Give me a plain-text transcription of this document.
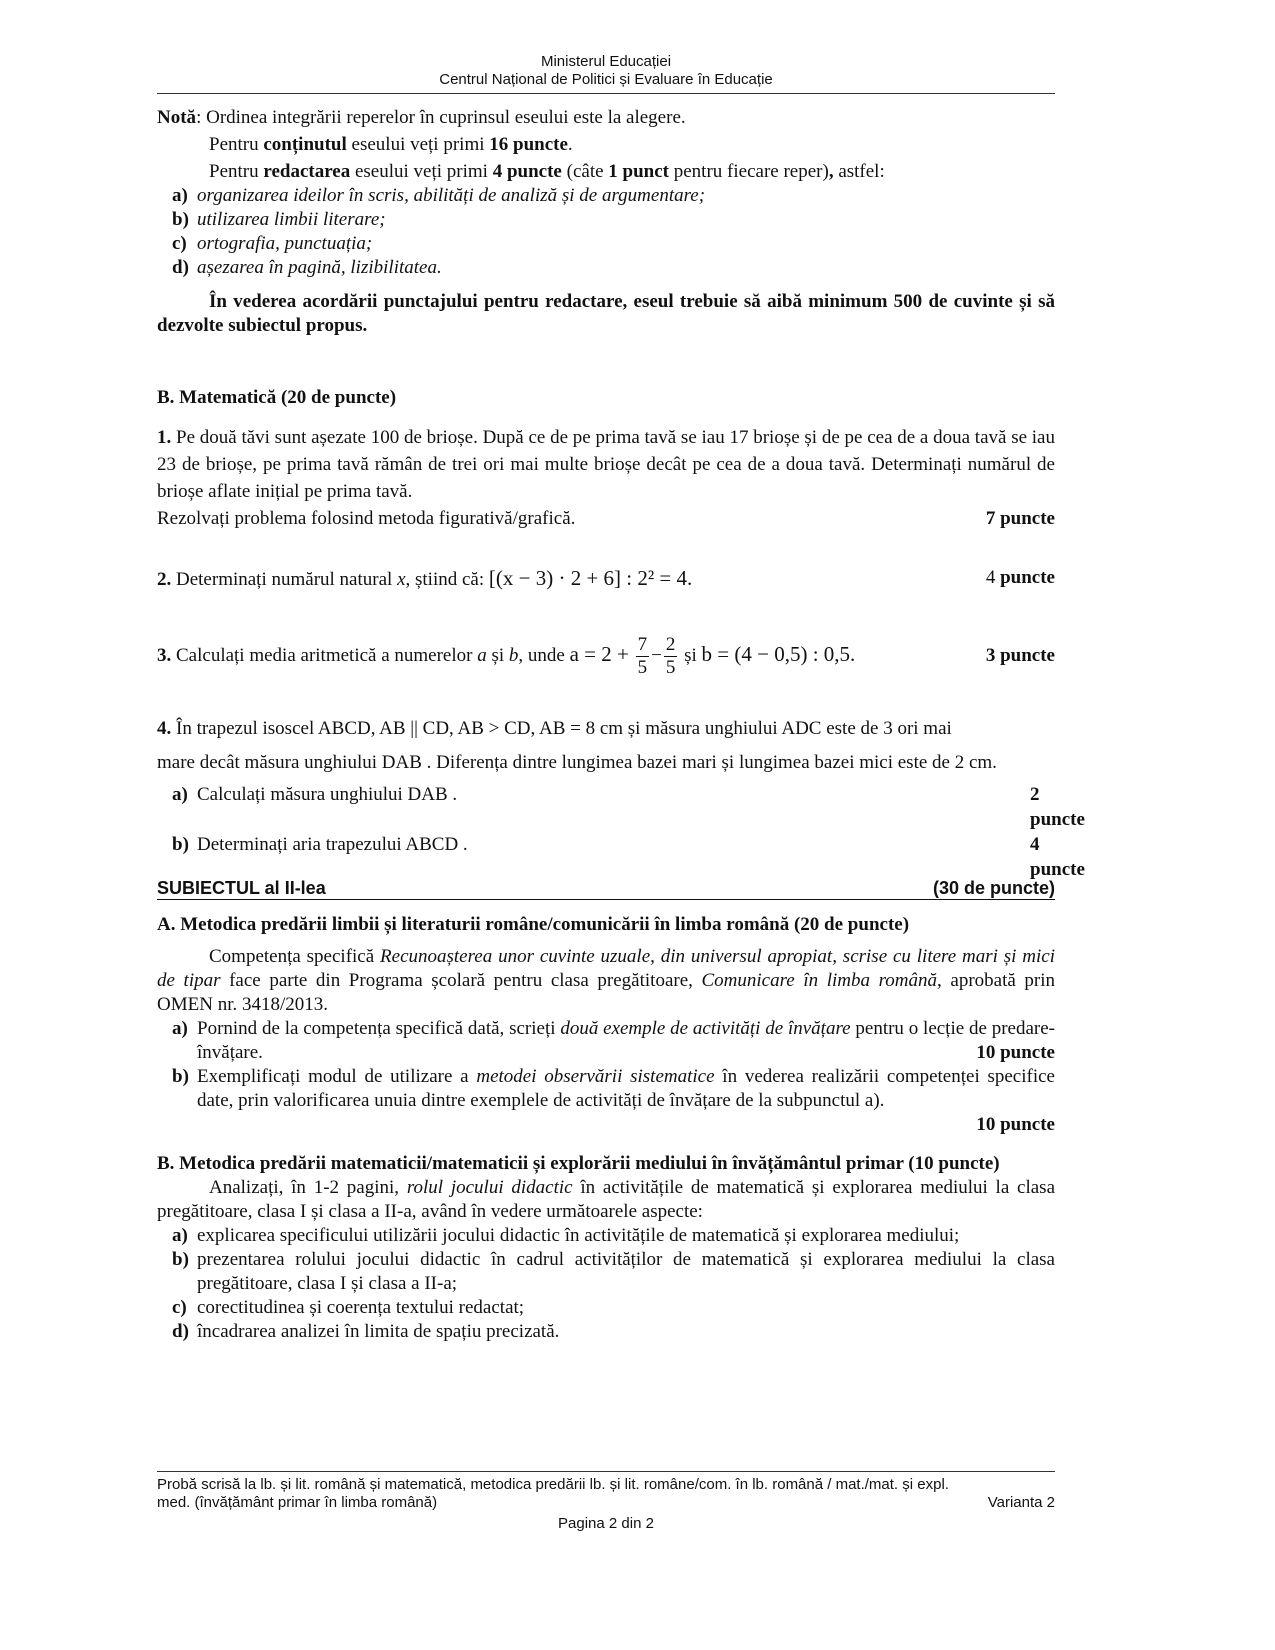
Ministerul Educației
Centrul Național de Politici și Evaluare în Educație
Notă: Ordinea integrării reperelor în cuprinsul eseului este la alegere.
Pentru conținutul eseului veți primi 16 puncte.
Pentru redactarea eseului veți primi 4 puncte (câte 1 punct pentru fiecare reper), astfel:
a) organizarea ideilor în scris, abilități de analiză și de argumentare;
b) utilizarea limbii literare;
c) ortografia, punctuația;
d) așezarea în pagină, lizibilitatea.
În vederea acordării punctajului pentru redactare, eseul trebuie să aibă minimum 500 de cuvinte și să dezvolte subiectul propus.
B. Matematică (20 de puncte)
1. Pe două tăvi sunt așezate 100 de brioșe. După ce de pe prima tavă se iau 17 brioșe și de pe cea de a doua tavă se iau 23 de brioșe, pe prima tavă rămân de trei ori mai multe brioșe decât pe cea de a doua tavă. Determinați numărul de brioșe aflate inițial pe prima tavă.
Rezolvați problema folosind metoda figurativă/grafică.	7 puncte
2. Determinați numărul natural x, știind că: [(x − 3) · 2 + 6] : 2² = 4.	4 puncte
3. Calculați media aritmetică a numerelor a și b, unde $a = 2 + \frac{7}{5} - \frac{2}{5}$ și b = (4 − 0,5) : 0,5.	3 puncte
4. În trapezul isoscel ABCD, AB || CD, AB > CD, AB = 8 cm și măsura unghiului ADC este de 3 ori mai
mare decât măsura unghiului DAB . Diferența dintre lungimea bazei mari și lungimea bazei mici este de 2 cm.
a) Calculați măsura unghiului DAB .	2 puncte
b) Determinați aria trapezului ABCD .	4 puncte
SUBIECTUL al II-lea	(30 de puncte)
A. Metodica predării limbii și literaturii române/comunicării în limba română (20 de puncte)
Competența specifică Recunoașterea unor cuvinte uzuale, din universul apropiat, scrise cu litere mari și mici de tipar face parte din Programa școlară pentru clasa pregătitoare, Comunicare în limba română, aprobată prin OMEN nr. 3418/2013.
a) Pornind de la competența specifică dată, scrieți două exemple de activități de învățare pentru o lecție de predare-învățare.	10 puncte
b) Exemplificați modul de utilizare a metodei observării sistematice în vederea realizării competenței specifice date, prin valorificarea unuia dintre exemplele de activități de învățare de la subpunctul a).
10 puncte
B. Metodica predării matematicii/matematicii și explorării mediului în învățământul primar (10 puncte)
Analizați, în 1-2 pagini, rolul jocului didactic în activitățile de matematică și explorarea mediului la clasa pregătitoare, clasa I și clasa a II-a, având în vedere următoarele aspecte:
a) explicarea specificului utilizării jocului didactic în activitățile de matematică și explorarea mediului;
b) prezentarea rolului jocului didactic în cadrul activităților de matematică și explorarea mediului la clasa pregătitoare, clasa I și clasa a II-a;
c) corectitudinea și coerența textului redactat;
d) încadrarea analizei în limita de spațiu precizată.
Probă scrisă la lb. și lit. română și matematică, metodica predării lb. și lit. române/com. în lb. română / mat./mat. și expl.
med. (învățământ primar în limba română)	Varianta 2
Pagina 2 din 2
